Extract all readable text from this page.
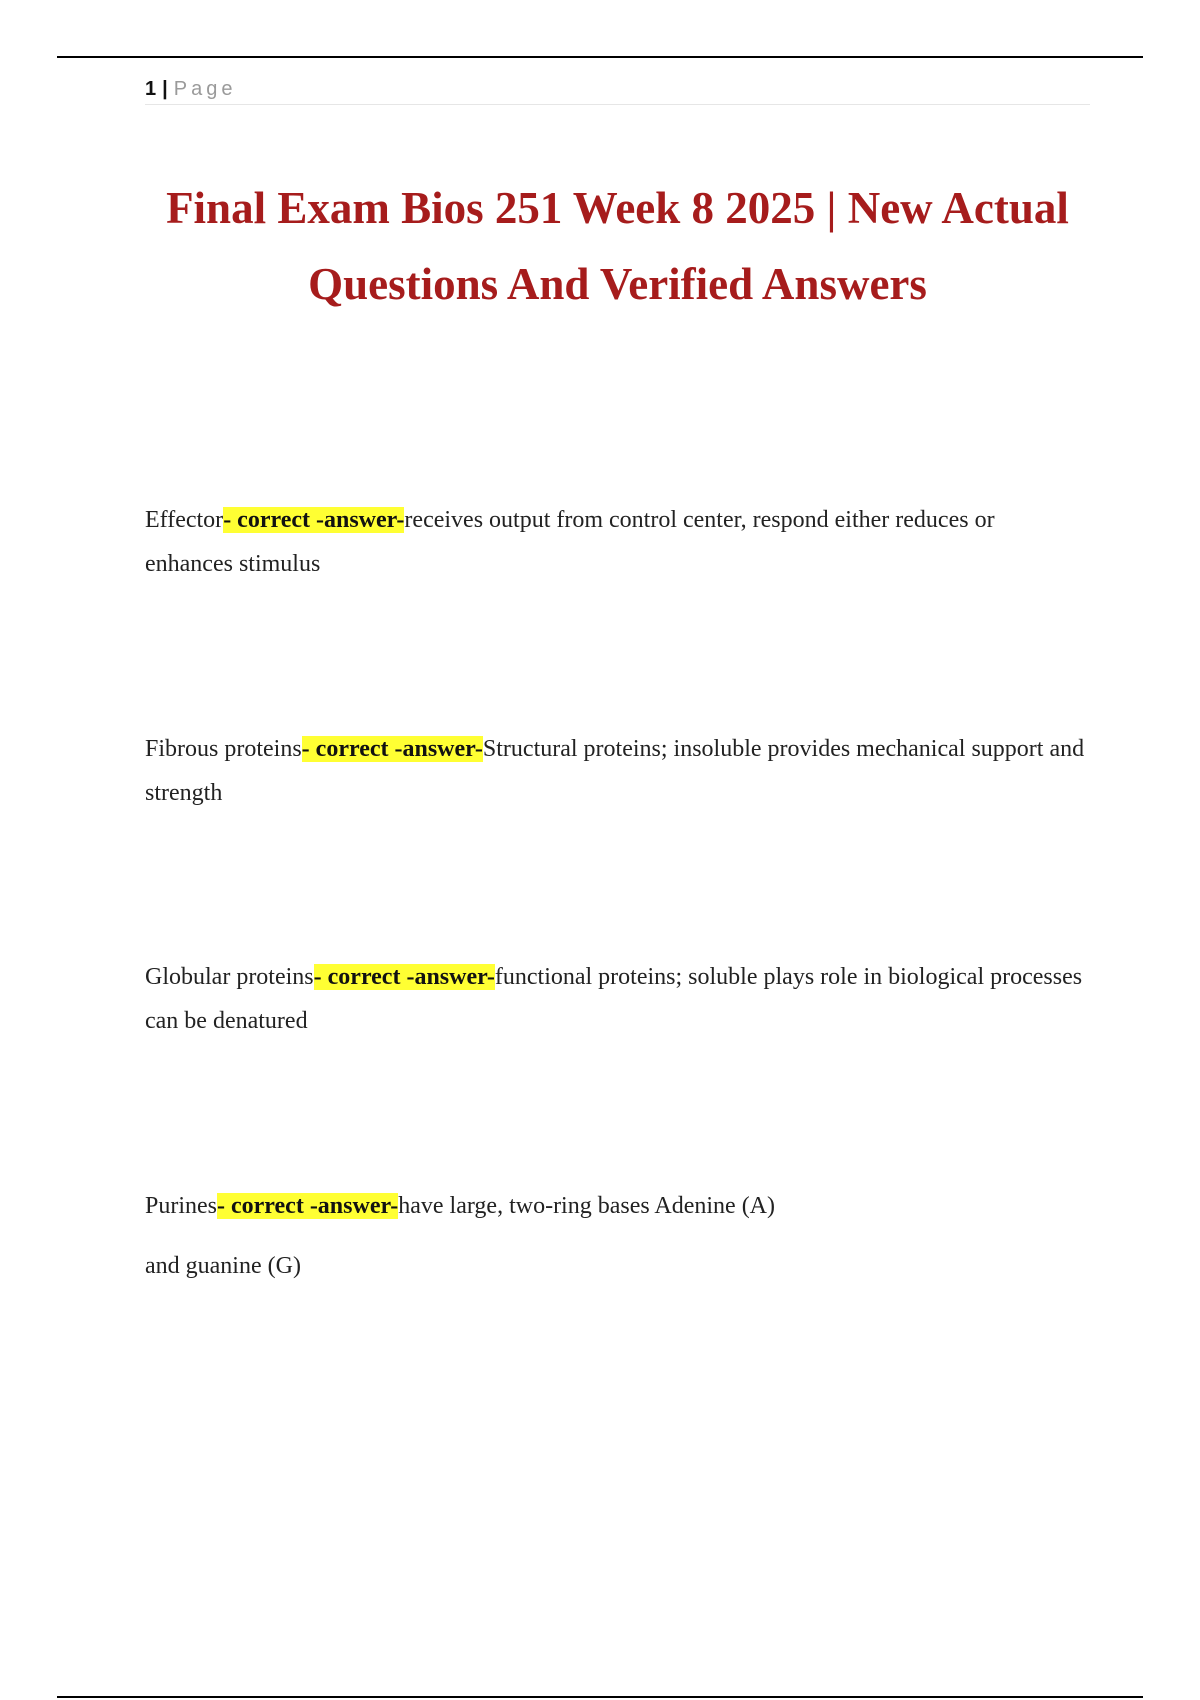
1 | Page
Final Exam Bios 251 Week 8 2025 | New Actual Questions And Verified Answers

Effector- correct -answer-receives output from control center, respond either reduces or enhances stimulus

Fibrous proteins- correct -answer-Structural proteins; insoluble provides mechanical support and strength

Globular proteins- correct -answer-functional proteins; soluble plays role in biological processes can be denatured

Purines- correct -answer-have large, two-ring bases Adenine (A)
and guanine (G)
